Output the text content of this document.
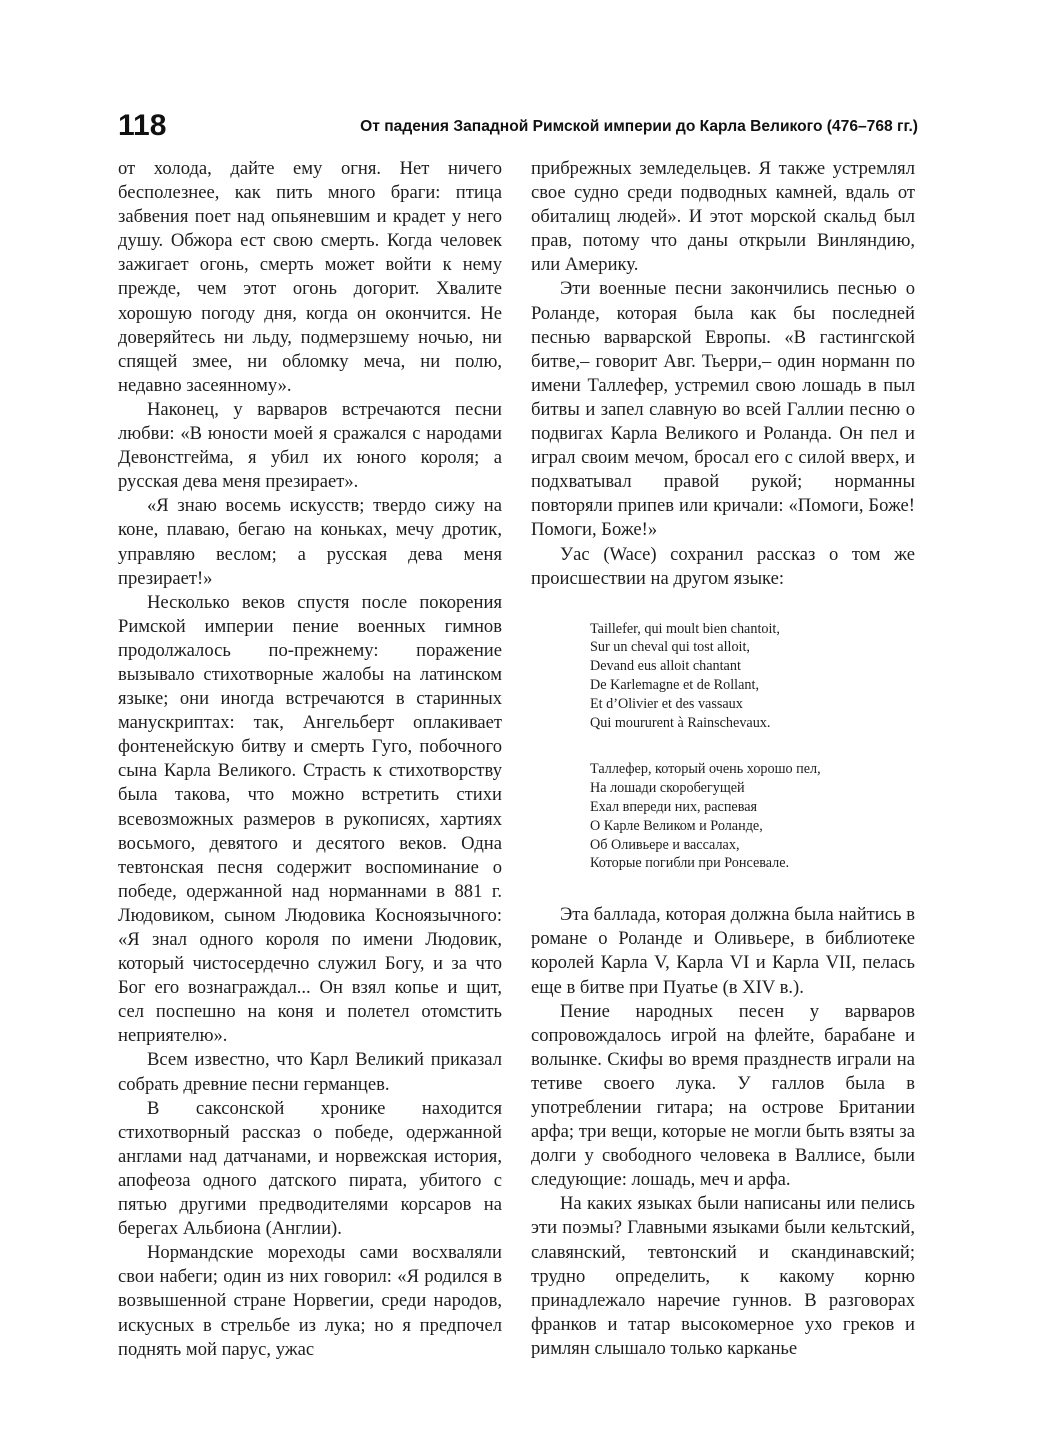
118	От падения Западной Римской империи до Карла Великого (476–768 гг.)

от холода, дайте ему огня. Нет ничего бесполезнее, как пить много браги: птица забвения поет над опьяневшим и крадет у него душу. Обжора ест свою смерть. Когда человек зажигает огонь, смерть может войти к нему прежде, чем этот огонь догорит. Хвалите хорошую погоду дня, когда он окончится. Не доверяйтесь ни льду, подмерзшему ночью, ни спящей змее, ни обломку меча, ни полю, недавно засеянному».

Наконец, у варваров встречаются песни любви: «В юности моей я сражался с народами Девонстгейма, я убил их юного короля; а русская дева меня презирает».

«Я знаю восемь искусств; твердо сижу на коне, плаваю, бегаю на коньках, мечу дротик, управляю веслом; а русская дева меня презирает!»

Несколько веков спустя после покорения Римской империи пение военных гимнов продолжалось по-прежнему: поражение вызывало стихотворные жалобы на латинском языке; они иногда встречаются в старинных манускриптах: так, Ангельберт оплакивает фонтенейскую битву и смерть Гуго, побочного сына Карла Великого. Страсть к стихотворству была такова, что можно встретить стихи всевозможных размеров в рукописях, хартиях восьмого, девятого и десятого веков. Одна тевтонская песня содержит воспоминание о победе, одержанной над норманнами в 881 г. Людовиком, сыном Людовика Косноязычного: «Я знал одного короля по имени Людовик, который чистосердечно служил Богу, и за что Бог его вознаграждал... Он взял копье и щит, сел поспешно на коня и полетел отомстить неприятелю».

Всем известно, что Карл Великий приказал собрать древние песни германцев.

В саксонской хронике находится стихотворный рассказ о победе, одержанной англами над датчанами, и норвежская история, апофеоза одного датского пирата, убитого с пятью другими предводителями корсаров на берегах Альбиона (Англии).

Нормандские мореходы сами восхваляли свои набеги; один из них говорил: «Я родился в возвышенной стране Норвегии, среди народов, искусных в стрельбе из лука; но я предпочел поднять мой парус, ужас

прибрежных земледельцев. Я также устремлял свое судно среди подводных камней, вдаль от обиталищ людей». И этот морской скальд был прав, потому что даны открыли Винляндию, или Америку.

Эти военные песни закончились песнью о Роланде, которая была как бы последней песнью варварской Европы. «В гастингской битве,– говорит Авг. Тьерри,– один норманн по имени Таллефер, устремил свою лошадь в пыл битвы и запел славную во всей Галлии песню о подвигах Карла Великого и Роланда. Он пел и играл своим мечом, бросал его с силой вверх, и подхватывал правой рукой; норманны повторяли припев или кричали: «Помоги, Боже! Помоги, Боже!»

Уас (Wace) сохранил рассказ о том же происшествии на другом языке:

Taillefer, qui moult bien chantoit,
Sur un cheval qui tost alloit,
Devand eus alloit chantant
De Karlemagne et de Rollant,
Et d’Olivier et des vassaux
Qui moururent à Rainschevaux.
Таллефер, который очень хорошо пел,
На лошади скоробегущей
Ехал впереди них, распевая
О Карле Великом и Роланде,
Об Оливьере и вассалах,
Которые погибли при Ронсевале.

Эта баллада, которая должна была найтись в романе о Роланде и Оливьере, в библиотеке королей Карла V, Карла VI и Карла VII, пелась еще в битве при Пуатье (в XIV в.).

Пение народных песен у варваров сопровождалось игрой на флейте, барабане и волынке. Скифы во время празднеств играли на тетиве своего лука. У галлов была в употреблении гитара; на острове Британии арфа; три вещи, которые не могли быть взяты за долги у свободного человека в Валлисе, были следующие: лошадь, меч и арфа.

На каких языках были написаны или пелись эти поэмы? Главными языками были кельтский, славянский, тевтонский и скандинавский; трудно определить, к какому корню принадлежало наречие гуннов. В разговорах франков и татар высокомерное ухо греков и римлян слышало только карканье
